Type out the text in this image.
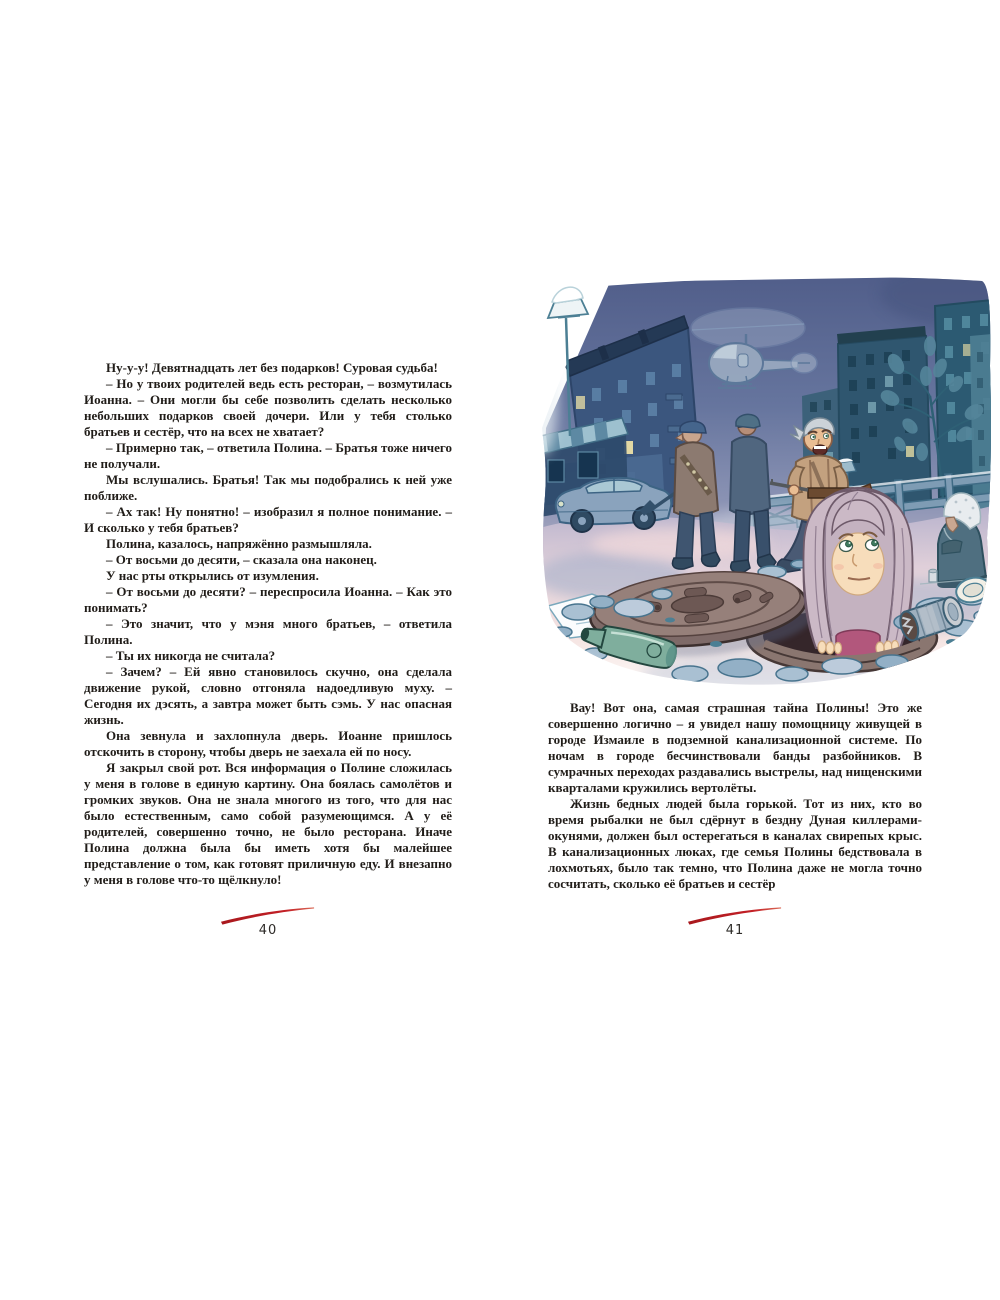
Ну-у-у! Девятнадцать лет без подарков! Суровая судьба!

– Но у твоих родителей ведь есть ресторан, – возмутилась Иоанна. – Они могли бы себе позволить сделать несколько небольших подарков своей дочери. Или у тебя столько братьев и сестёр, что на всех не хватает?

– Примерно так, – ответила Полина. – Братья тоже ничего не получали.

Мы вслушались. Братья! Так мы подобрались к ней уже поближе.

– Ах так! Ну понятно! – изобразил я полное понимание. – И сколько у тебя братьев?

Полина, казалось, напряжённо размышляла.

– От восьми до десяти, – сказала она наконец.

У нас рты открылись от изумления.

– От восьми до десяти? – переспросила Иоанна. – Как это понимать?

– Это значит, что у мэня много братьев, – ответила Полина.

– Ты их никогда не считала?

– Зачем? – Ей явно становилось скучно, она сделала движение рукой, словно отгоняла надоедливую муху. – Сегодня их дэсять, а завтра может быть сэмь. У нас опасная жизнь.

Она зевнула и захлопнула дверь. Иоанне пришлось отскочить в сторону, чтобы дверь не заехала ей по носу.

Я закрыл свой рот. Вся информация о Полине сложилась у меня в голове в единую картину. Она боялась самолётов и громких звуков. Она не знала многого из того, что для нас было естественным, само собой разумеющимся. А у её родителей, совершенно точно, не было ресторана. Иначе Полина должна была бы иметь хотя бы малейшее представление о том, как готовят приличную еду. И внезапно у меня в голове что-то щёлкнуло!

40

Вау! Вот она, самая страшная тайна Полины! Это же совершенно логично – я увидел нашу помощницу живущей в городе Измаиле в подземной канализационной системе. По ночам в городе бесчинствовали банды разбойников. В сумрачных переходах раздавались выстрелы, над нищенскими кварталами кружились вертолёты.

Жизнь бедных людей была горькой. Тот из них, кто во время рыбалки не был сдёрнут в бездну Дуная киллерами-окунями, должен был остерегаться в каналах свирепых крыс. В канализационных люках, где семья Полины бедствовала в лохмотьях, было так темно, что Полина даже не могла точно сосчитать, сколько её братьев и сестёр

41
